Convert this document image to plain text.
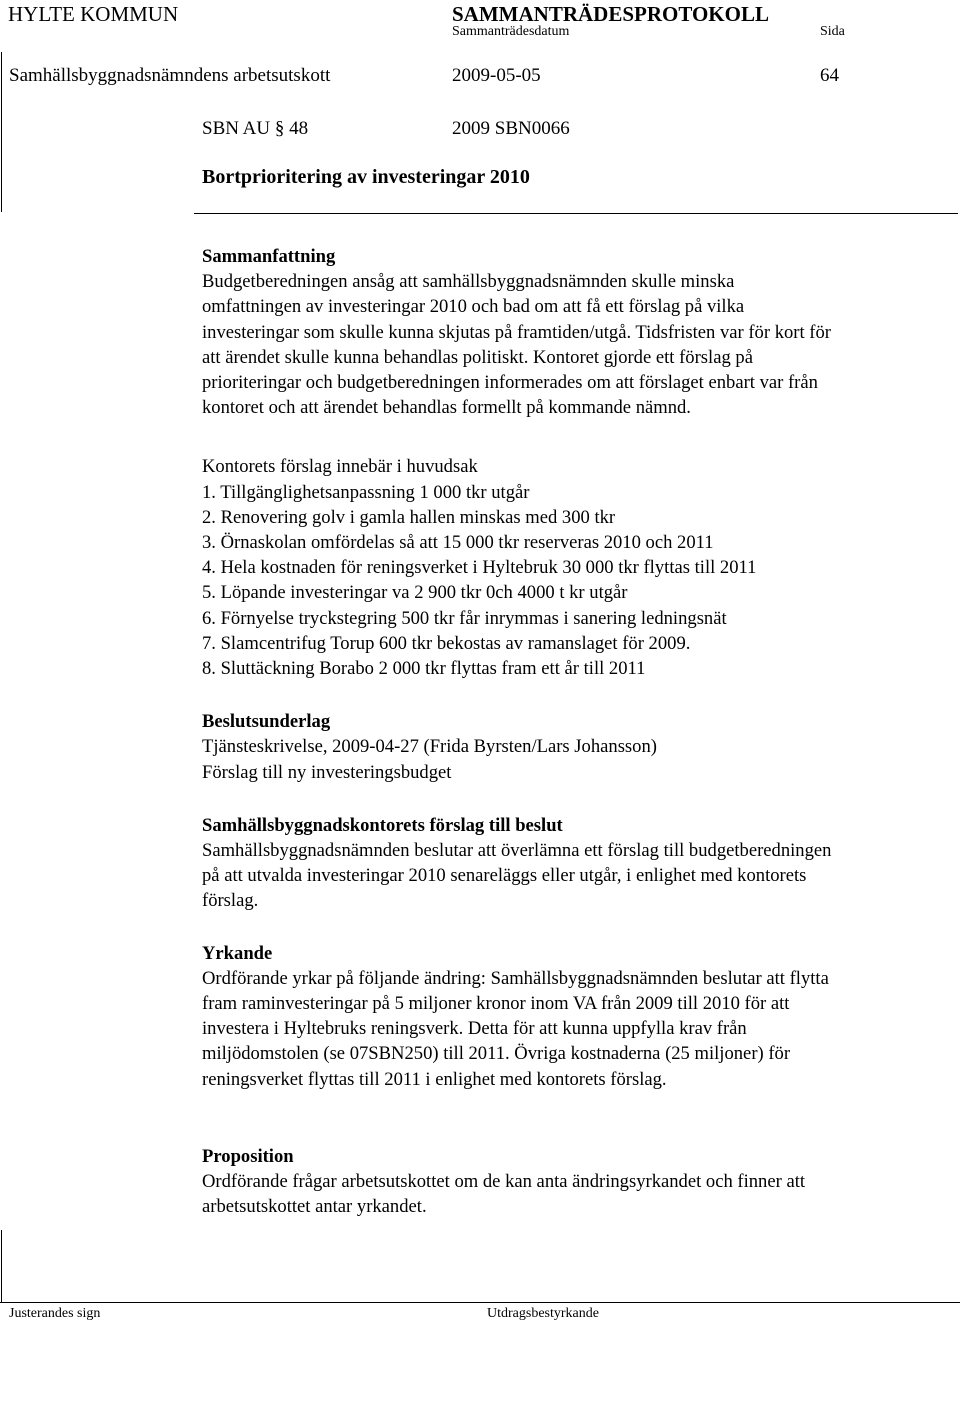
HYLTE KOMMUN	SAMMANTRÄDESPROTOKOLL
Sammanträdesdatum	Sida
Samhällsbyggnadsnämndens arbetsutskott	2009-05-05	64
SBN AU § 48	2009 SBN0066
Bortprioritering av investeringar 2010

Sammanfattning

Budgetberedningen ansåg att samhällsbyggnadsnämnden skulle minska

omfattningen av investeringar 2010 och bad om att få ett förslag på vilka

investeringar som skulle kunna skjutas på framtiden/utgå. Tidsfristen var för kort för

att ärendet skulle kunna behandlas politiskt. Kontoret gjorde ett förslag på

prioriteringar och budgetberedningen informerades om att förslaget enbart var från

kontoret och att ärendet behandlas formellt på kommande nämnd.

Kontorets förslag innebär i huvudsak

1. Tillgänglighetsanpassning 1 000 tkr utgår
2. Renovering golv i gamla hallen minskas med 300 tkr
3. Örnaskolan omfördelas så att 15 000 tkr reserveras 2010 och 2011
4. Hela kostnaden för reningsverket i Hyltebruk 30 000 tkr flyttas till 2011
5. Löpande investeringar va 2 900 tkr 0ch 4000 t kr utgår
6. Förnyelse tryckstegring 500 tkr får inrymmas i sanering ledningsnät
7. Slamcentrifug Torup 600 tkr bekostas av ramanslaget för 2009.
8. Sluttäckning Borabo 2 000 tkr flyttas fram ett år till 2011

Beslutsunderlag

Tjänsteskrivelse, 2009-04-27 (Frida Byrsten/Lars Johansson)

Förslag till ny investeringsbudget

Samhällsbyggnadskontorets förslag till beslut

Samhällsbyggnadsnämnden beslutar att överlämna ett förslag till budgetberedningen

på att utvalda investeringar 2010 senareläggs eller utgår, i enlighet med kontorets

förslag.

Yrkande

Ordförande yrkar på följande ändring: Samhällsbyggnadsnämnden beslutar att flytta

fram raminvesteringar på 5 miljoner kronor inom VA från 2009 till 2010 för att

investera i Hyltebruks reningsverk. Detta för att kunna uppfylla krav från

miljödomstolen (se 07SBN250) till 2011. Övriga kostnaderna (25 miljoner) för

reningsverket flyttas till 2011 i enlighet med kontorets förslag.

Proposition

Ordförande frågar arbetsutskottet om de kan anta ändringsyrkandet och finner att

arbetsutskottet antar yrkandet.

Justerandes sign	Utdragsbestyrkande
